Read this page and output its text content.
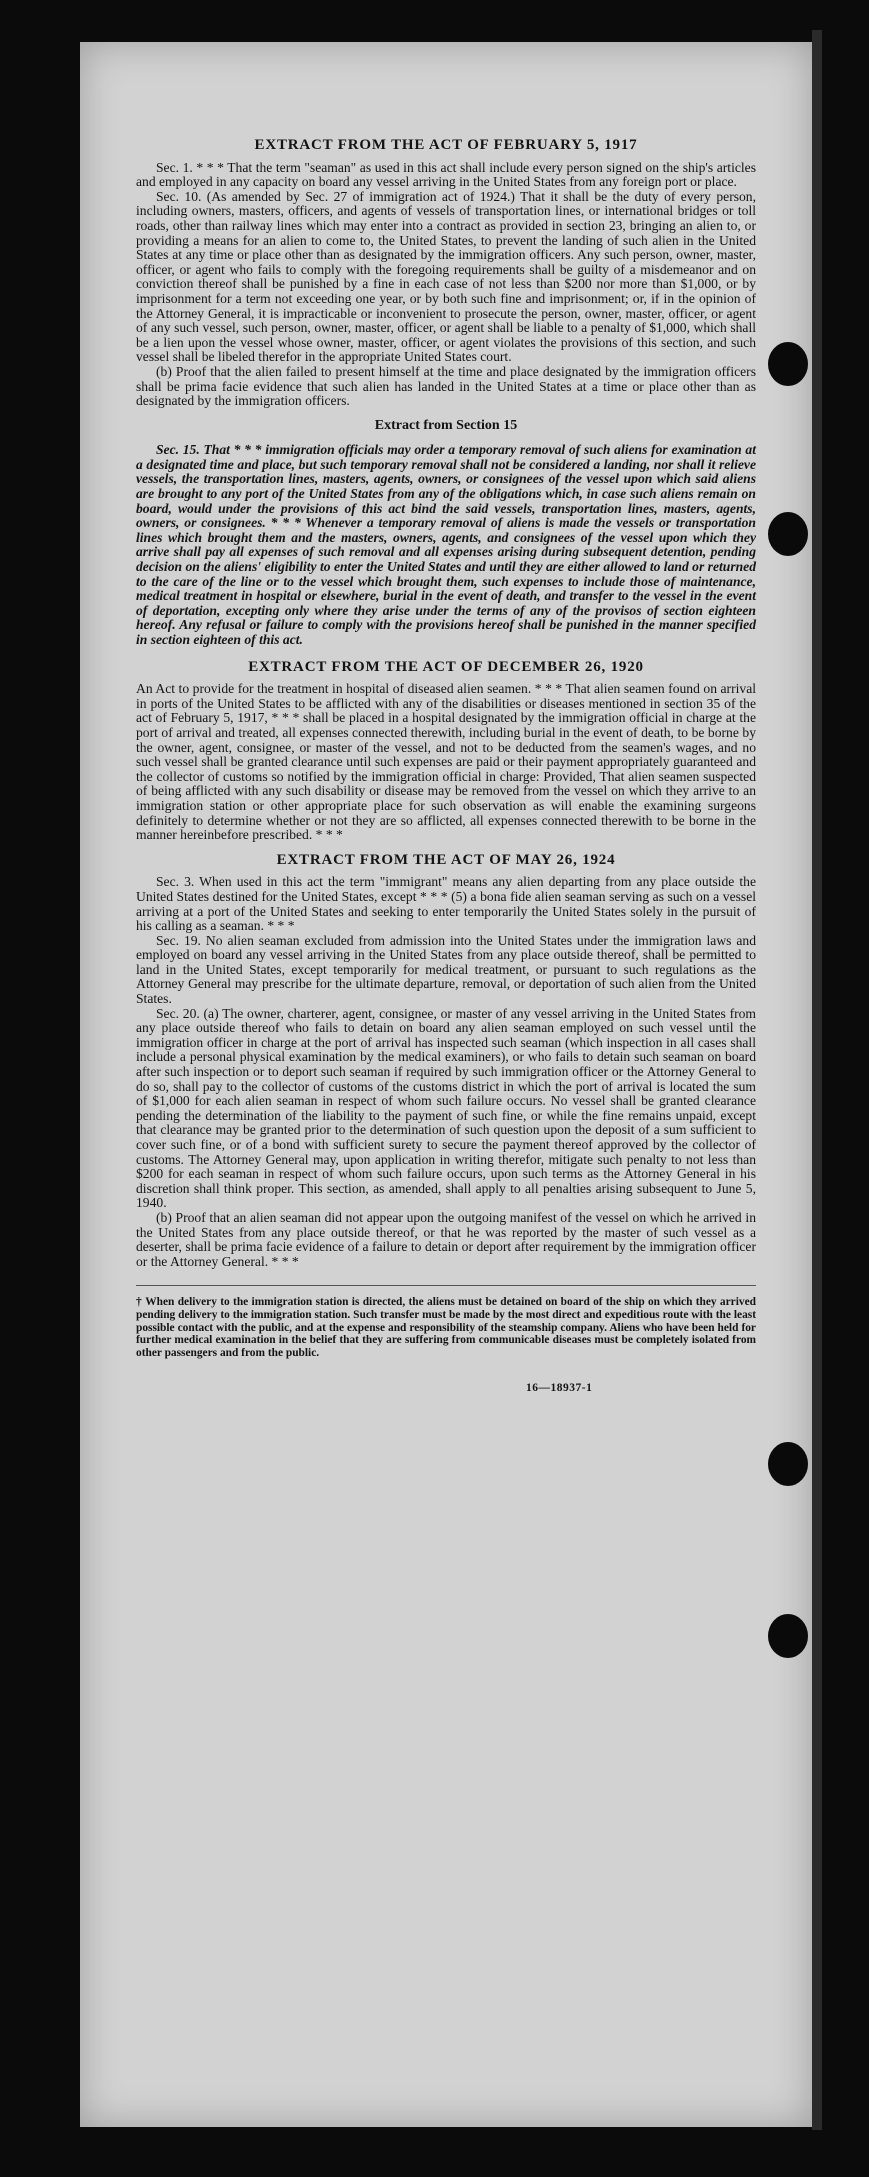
EXTRACT FROM THE ACT OF FEBRUARY 5, 1917

Sec. 1. * * * That the term "seaman" as used in this act shall include every person signed on the ship's articles and employed in any capacity on board any vessel arriving in the United States from any foreign port or place.

Sec. 10. (As amended by Sec. 27 of immigration act of 1924.) That it shall be the duty of every person, including owners, masters, officers, and agents of vessels of transportation lines, or international bridges or toll roads, other than railway lines which may enter into a contract as provided in section 23, bringing an alien to, or providing a means for an alien to come to, the United States, to prevent the landing of such alien in the United States at any time or place other than as designated by the immigration officers. Any such person, owner, master, officer, or agent who fails to comply with the foregoing requirements shall be guilty of a misdemeanor and on conviction thereof shall be punished by a fine in each case of not less than $200 nor more than $1,000, or by imprisonment for a term not exceeding one year, or by both such fine and imprisonment; or, if in the opinion of the Attorney General, it is impracticable or inconvenient to prosecute the person, owner, master, officer, or agent of any such vessel, such person, owner, master, officer, or agent shall be liable to a penalty of $1,000, which shall be a lien upon the vessel whose owner, master, officer, or agent violates the provisions of this section, and such vessel shall be libeled therefor in the appropriate United States court.

(b) Proof that the alien failed to present himself at the time and place designated by the immigration officers shall be prima facie evidence that such alien has landed in the United States at a time or place other than as designated by the immigration officers.

Extract from Section 15

Sec. 15. That * * * immigration officials may order a temporary removal of such aliens for examination at a designated time and place, but such temporary removal shall not be considered a landing, nor shall it relieve vessels, the transportation lines, masters, agents, owners, or consignees of the vessel upon which said aliens are brought to any port of the United States from any of the obligations which, in case such aliens remain on board, would under the provisions of this act bind the said vessels, transportation lines, masters, agents, owners, or consignees. * * * Whenever a temporary removal of aliens is made the vessels or transportation lines which brought them and the masters, owners, agents, and consignees of the vessel upon which they arrive shall pay all expenses of such removal and all expenses arising during subsequent detention, pending decision on the aliens' eligibility to enter the United States and until they are either allowed to land or returned to the care of the line or to the vessel which brought them, such expenses to include those of maintenance, medical treatment in hospital or elsewhere, burial in the event of death, and transfer to the vessel in the event of deportation, excepting only where they arise under the terms of any of the provisos of section eighteen hereof. Any refusal or failure to comply with the provisions hereof shall be punished in the manner specified in section eighteen of this act.

EXTRACT FROM THE ACT OF DECEMBER 26, 1920

An Act to provide for the treatment in hospital of diseased alien seamen. * * * That alien seamen found on arrival in ports of the United States to be afflicted with any of the disabilities or diseases mentioned in section 35 of the act of February 5, 1917, * * * shall be placed in a hospital designated by the immigration official in charge at the port of arrival and treated, all expenses connected therewith, including burial in the event of death, to be borne by the owner, agent, consignee, or master of the vessel, and not to be deducted from the seamen's wages, and no such vessel shall be granted clearance until such expenses are paid or their payment appropriately guaranteed and the collector of customs so notified by the immigration official in charge: Provided, That alien seamen suspected of being afflicted with any such disability or disease may be removed from the vessel on which they arrive to an immigration station or other appropriate place for such observation as will enable the examining surgeons definitely to determine whether or not they are so afflicted, all expenses connected therewith to be borne in the manner hereinbefore prescribed. * * *

EXTRACT FROM THE ACT OF MAY 26, 1924

Sec. 3. When used in this act the term "immigrant" means any alien departing from any place outside the United States destined for the United States, except * * * (5) a bona fide alien seaman serving as such on a vessel arriving at a port of the United States and seeking to enter temporarily the United States solely in the pursuit of his calling as a seaman. * * *

Sec. 19. No alien seaman excluded from admission into the United States under the immigration laws and employed on board any vessel arriving in the United States from any place outside thereof, shall be permitted to land in the United States, except temporarily for medical treatment, or pursuant to such regulations as the Attorney General may prescribe for the ultimate departure, removal, or deportation of such alien from the United States.

Sec. 20. (a) The owner, charterer, agent, consignee, or master of any vessel arriving in the United States from any place outside thereof who fails to detain on board any alien seaman employed on such vessel until the immigration officer in charge at the port of arrival has inspected such seaman (which inspection in all cases shall include a personal physical examination by the medical examiners), or who fails to detain such seaman on board after such inspection or to deport such seaman if required by such immigration officer or the Attorney General to do so, shall pay to the collector of customs of the customs district in which the port of arrival is located the sum of $1,000 for each alien seaman in respect of whom such failure occurs. No vessel shall be granted clearance pending the determination of the liability to the payment of such fine, or while the fine remains unpaid, except that clearance may be granted prior to the determination of such question upon the deposit of a sum sufficient to cover such fine, or of a bond with sufficient surety to secure the payment thereof approved by the collector of customs. The Attorney General may, upon application in writing therefor, mitigate such penalty to not less than $200 for each seaman in respect of whom such failure occurs, upon such terms as the Attorney General in his discretion shall think proper. This section, as amended, shall apply to all penalties arising subsequent to June 5, 1940.

(b) Proof that an alien seaman did not appear upon the outgoing manifest of the vessel on which he arrived in the United States from any place outside thereof, or that he was reported by the master of such vessel as a deserter, shall be prima facie evidence of a failure to detain or deport after requirement by the immigration officer or the Attorney General. * * *

† When delivery to the immigration station is directed, the aliens must be detained on board of the ship on which they arrived pending delivery to the immigration station. Such transfer must be made by the most direct and expeditious route with the least possible contact with the public, and at the expense and responsibility of the steamship company. Aliens who have been held for further medical examination in the belief that they are suffering from communicable diseases must be completely isolated from other passengers and from the public.
16—18937-1
